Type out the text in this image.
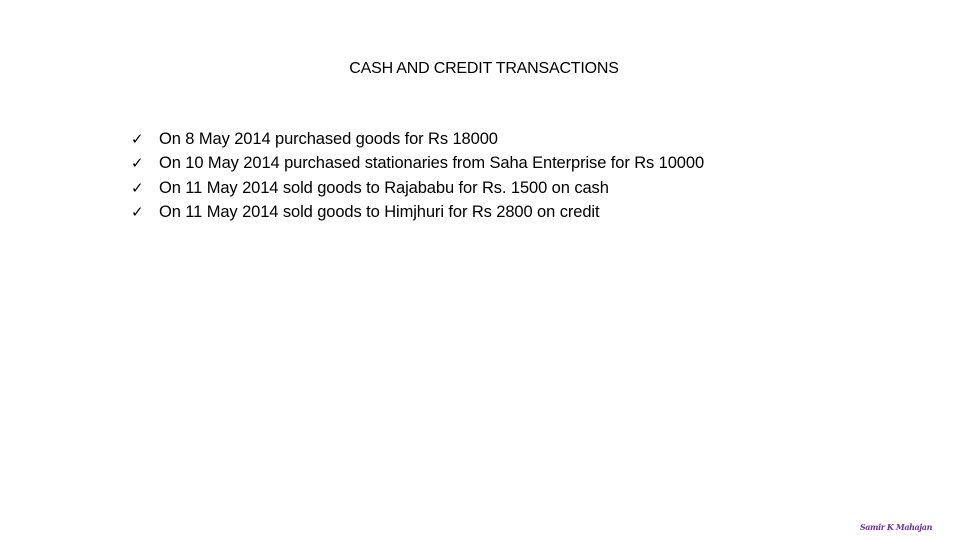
CASH AND CREDIT TRANSACTIONS
✓ On 8 May 2014 purchased goods for Rs 18000
✓ On 10 May 2014 purchased stationaries from Saha Enterprise for Rs 10000
✓ On 11 May 2014 sold goods to Rajababu for Rs. 1500 on cash
✓ On 11 May 2014 sold goods to Himjhuri for Rs 2800 on credit
Samir K Mahajan
